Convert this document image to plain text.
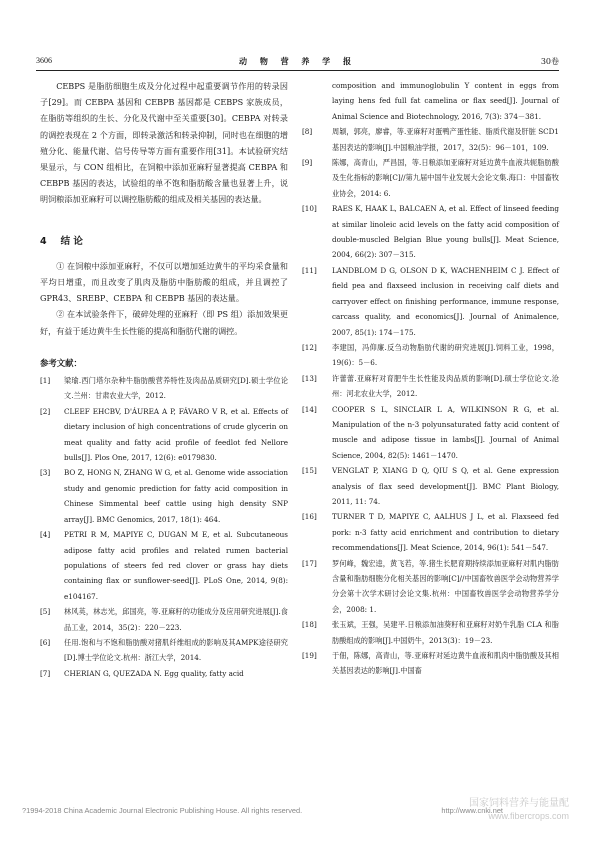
3606	动 物 营 养 学 报	30卷

CEBPS 是脂肪细胞生成及分化过程中起重要调节作用的转录因子[29]。而 CEBPA 基因和 CEBPB 基因都是 CEBPS 家族成员，在脂肪等组织的生长、分化及代谢中至关重要[30]。CEBPA 对转录的调控表现在 2 个方面，即转录激活和转录抑制，同时也在细胞的增殖分化、能量代谢、信号传导等方面有重要作用[31]。本试验研究结果显示，与 CON 组相比，在饲粮中添加亚麻籽显著提高 CEBPA 和 CEBPB 基因的表达，试验组的单不饱和脂肪酸含量也显著上升，说明饲粮添加亚麻籽可以调控脂肪酸的组成及相关基因的表达量。

4 结 论

① 在饲粮中添加亚麻籽，不仅可以增加延边黄牛的平均采食量和平均日增重，而且改变了肌肉及脂肪中脂肪酸的组成，并且调控了 GPR43、SREBP、CEBPA 和 CEBPB 基因的表达量。

② 在本试验条件下，破碎处理的亚麻籽（即 PS 组）添加效果更好，有益于延边黄牛生长性能的提高和脂肪代谢的调控。

参考文献：
[1] 梁瑜.西门塔尔杂种牛脂肪酸营养特性及肉品品质研究[D].硕士学位论文.兰州：甘肃农业大学，2012.
[2] CLEEF EHCBV, D'ÁUREA A P, FÁVARO V R, et al. Effects of dietary inclusion of high concentrations of crude glycerin on meat quality and fatty acid profile of feedlot fed Nellore bulls[J]. Plos One, 2017, 12(6): e0179830.
[3] BO Z, HONG N, ZHANG W G, et al. Genome wide association study and genomic prediction for fatty acid composition in Chinese Simmental beef cattle using high density SNP array[J]. BMC Genomics, 2017, 18(1): 464.
[4] PETRI R M, MAPIYE C, DUGAN M E, et al. Subcutaneous adipose fatty acid profiles and related rumen bacterial populations of steers fed red clover or grass hay diets containing flax or sunflower-seed[J]. PLoS One, 2014, 9(8): e104167.
[5] 林风英，林志光，邱国亮，等.亚麻籽的功能成分及应用研究进展[J].食品工业，2014，35(2)：220－223.
[6] 任用.饱和与不饱和脂肪酸对猪肌纤维组成的影响及其AMPK途径研究[D].博士学位论文.杭州：浙江大学，2014.
[7] CHERIAN G, QUEZADA N. Egg quality, fatty acid
composition and immunoglobulin Y content in eggs from laying hens fed full fat camelina or flax seed[J]. Journal of Animal Science and Biotechnology, 2016, 7(3): 374－381.
[8]	周颖，郭亮，廖睿，等.亚麻籽对蛋鸭产蛋性能、脂质代谢及肝脏 SCD1 基因表达的影响[J].中国粮油学报，2017，32(5)：96－101，109.
[9]	陈娜，高青山，严昌国，等.日粮添加亚麻籽对延边黄牛血液共轭脂肪酸及生化指标的影响[C]//第九届中国牛业发展大会论文集.海口：中国畜牧业协会，2014: 6.
[10] RAES K, HAAK L, BALCAEN A, et al. Effect of linseed feeding at similar linoleic acid levels on the fatty acid composition of double-muscled Belgian Blue young bulls[J]. Meat Science, 2004, 66(2): 307－315.
[11] LANDBLOM D G, OLSON D K, WACHENHEIM C J. Effect of field pea and flaxseed inclusion in receiving calf diets and carryover effect on finishing performance, immune response, carcass quality, and economics[J]. Journal of Animalence, 2007, 85(1): 174－175.
[12] 李建国，冯仰廉.反刍动物脂肪代谢的研究进展[J].饲料工业，1998，19(6)：5－6.
[13] 许蕾蕾.亚麻籽对育肥牛生长性能及肉品质的影响[D].硕士学位论文.沧州：河北农业大学，2012.
[14] COOPER S L, SINCLAIR L A, WILKINSON R G, et al. Manipulation of the n-3 polyunsaturated fatty acid content of muscle and adipose tissue in lambs[J]. Journal of Animal Science, 2004, 82(5): 1461－1470.
[15] VENGLAT P, XIANG D Q, QIU S Q, et al. Gene expression analysis of flax seed development[J]. BMC Plant Biology, 2011, 11: 74.
[16] TURNER T D, MAPIYE C, AALHUS J L, et al. Flaxseed fed pork: n-3 fatty acid enrichment and contribution to dietary recommendations[J]. Meat Science, 2014, 96(1): 541－547.
[17] 罗何峰，魏宏逵，黄飞若，等.猪生长肥育期持续添加亚麻籽对肌内脂肪含量和脂肪细胞分化相关基因的影响[C]//中国畜牧兽医学会动物营养学分会第十次学术研讨会论文集.杭州：中国畜牧兽医学会动物营养学分会，2008: 1.
[18] 张玉斌，王强，吴建平.日粮添加油葵籽和亚麻籽对奶牛乳脂 CLA 和脂肪酸组成的影响[J].中国奶牛，2013(3)：19－23.
[19] 于佃，陈娜，高青山，等.亚麻籽对延边黄牛血液和肌肉中脂肪酸及其相关基因表达的影响[J].中国畜
?1994-2018 China Academic Journal Electronic Publishing House. All rights reserved.	http://www.cnki.net
国家饲料营养与能量配
www.fibercrops.com
